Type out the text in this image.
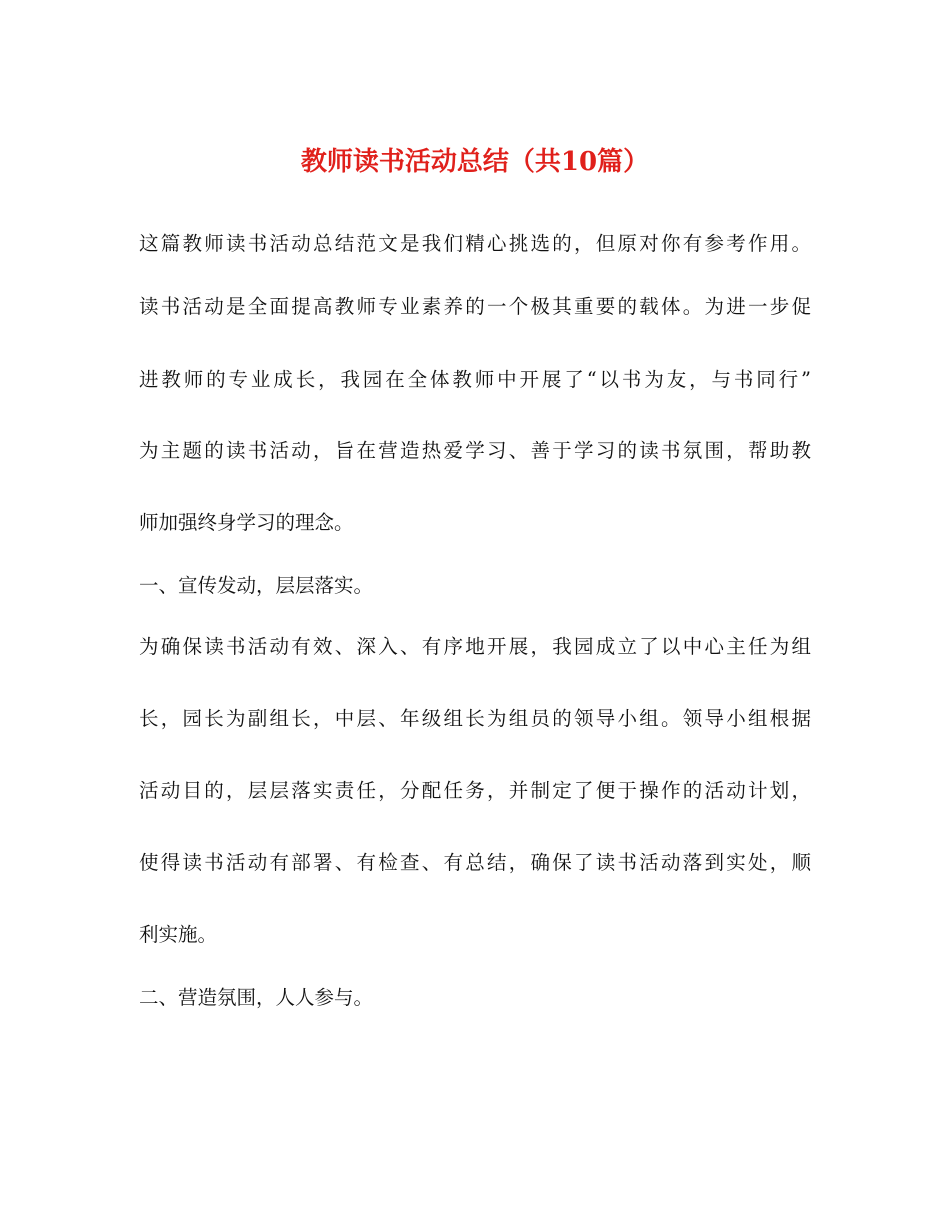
教师读书活动总结（共10篇）
这篇教师读书活动总结范文是我们精心挑选的，但原对你有参考作用。
读书活动是全面提高教师专业素养的一个极其重要的载体。为进一步促
进教师的专业成长，我园在全体教师中开展了“以书为友，与书同行”
为主题的读书活动，旨在营造热爱学习、善于学习的读书氛围，帮助教
师加强终身学习的理念。
一、宣传发动，层层落实。
为确保读书活动有效、深入、有序地开展，我园成立了以中心主任为组
长，园长为副组长，中层、年级组长为组员的领导小组。领导小组根据
活动目的，层层落实责任，分配任务，并制定了便于操作的活动计划，
使得读书活动有部署、有检查、有总结，确保了读书活动落到实处，顺
利实施。
二、营造氛围，人人参与。
